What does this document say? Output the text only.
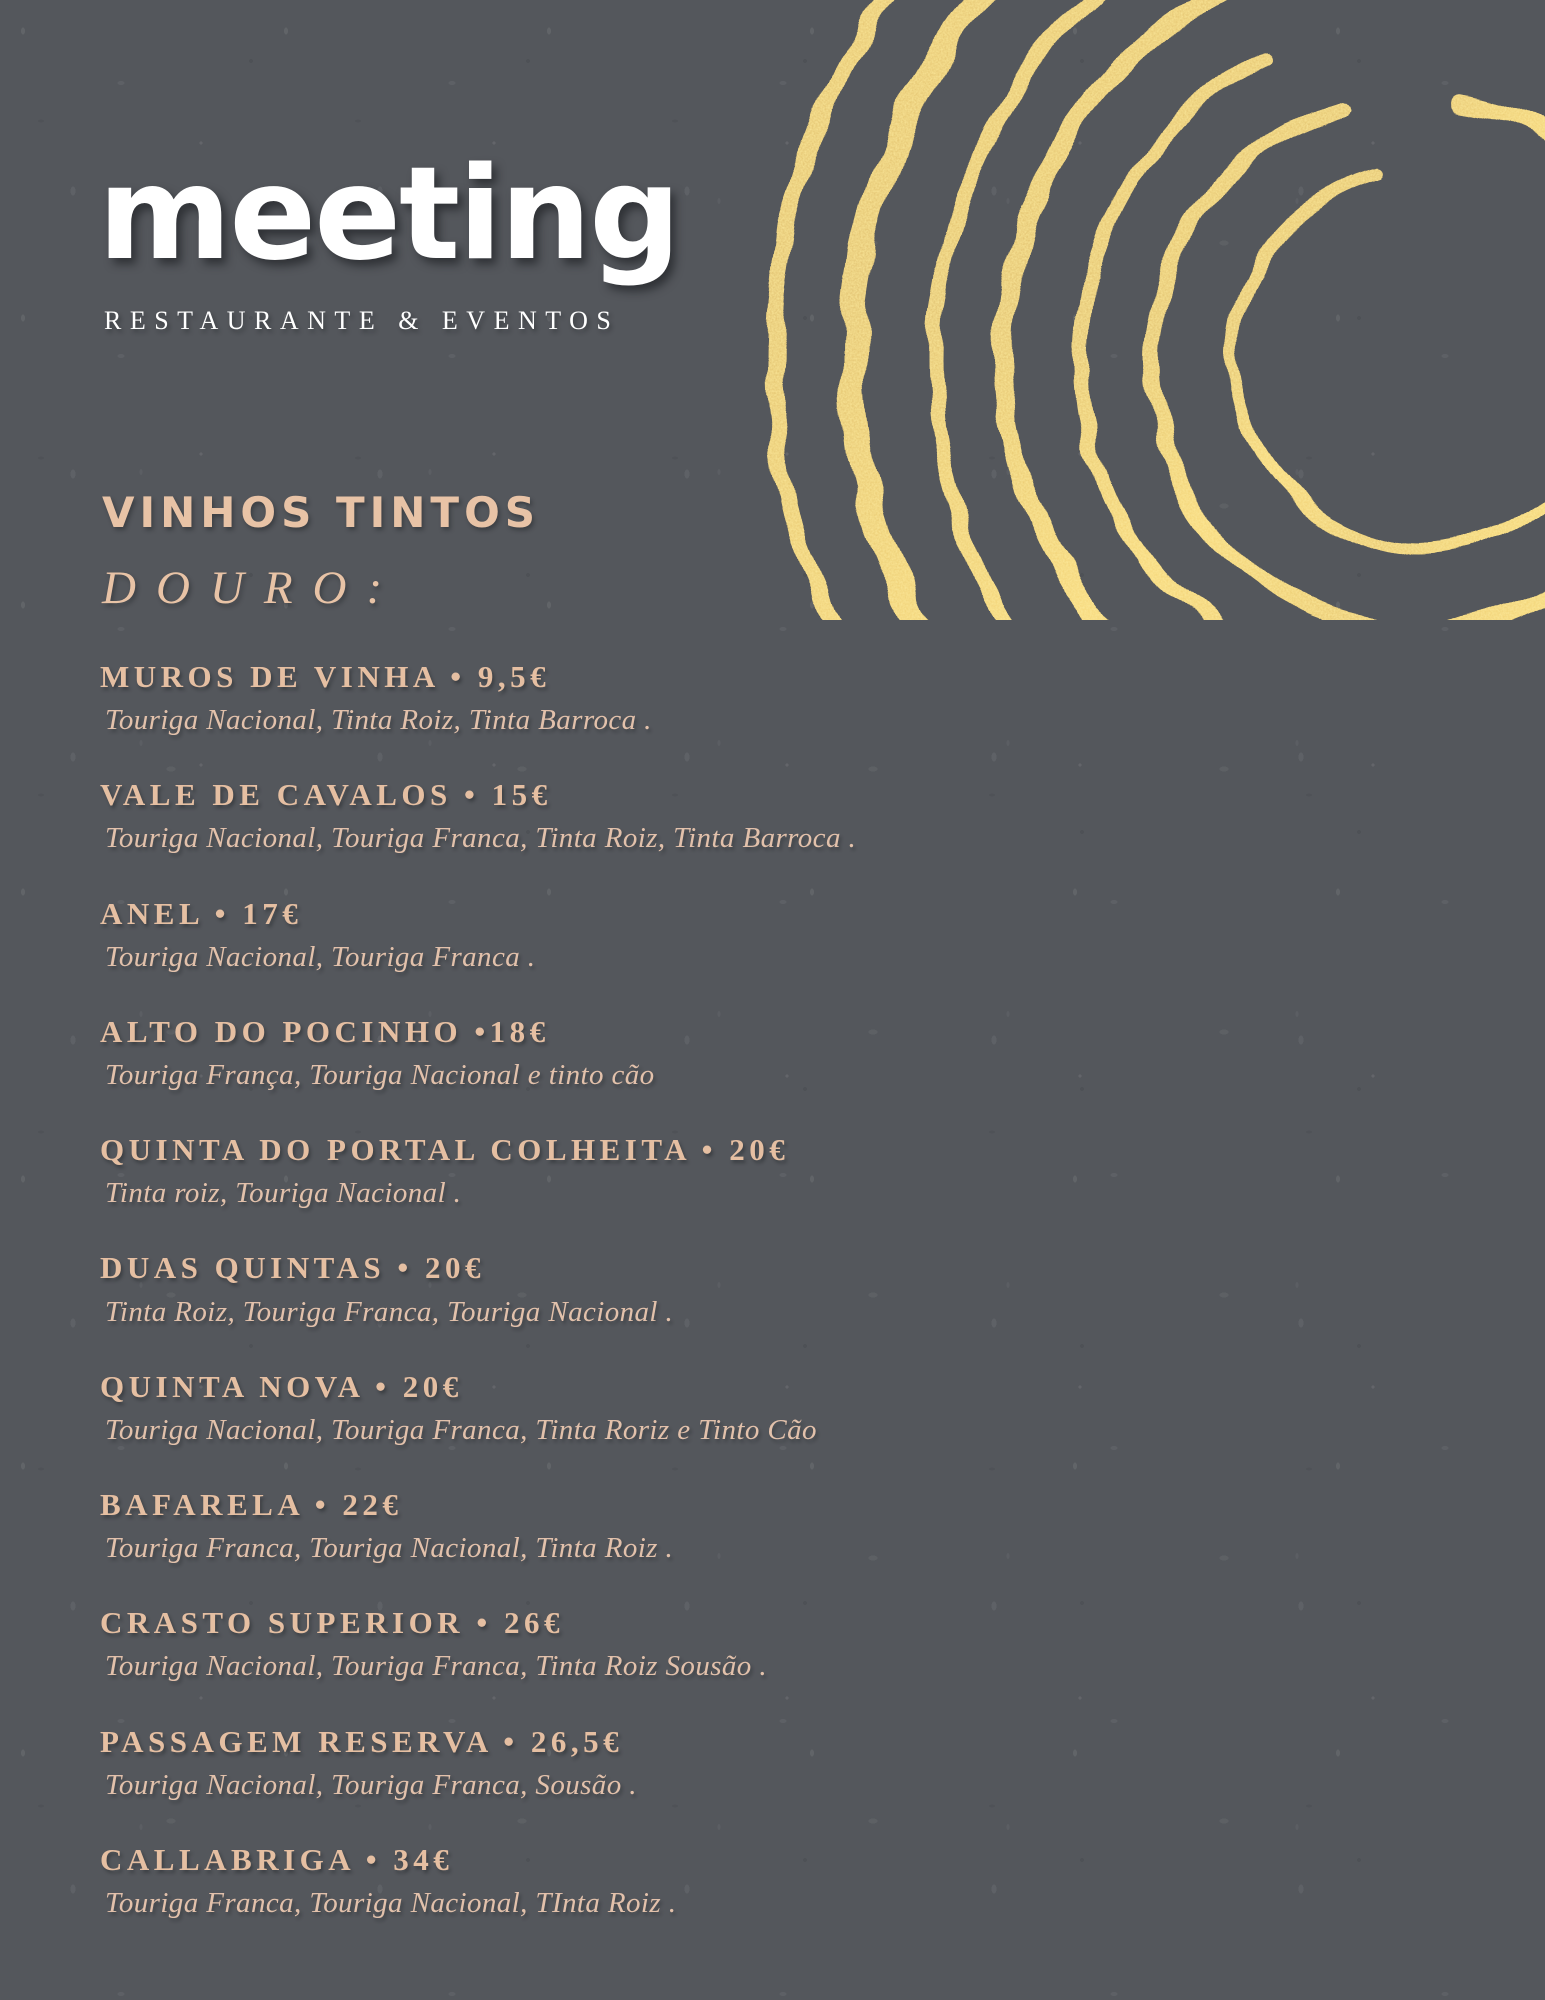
meeting
RESTAURANTE & EVENTOS
VINHOS TINTOS
DOURO:
MUROS DE VINHA • 9,5€
Touriga Nacional, Tinta Roiz, Tinta Barroca .
VALE DE CAVALOS • 15€
Touriga Nacional, Touriga Franca, Tinta Roiz, Tinta Barroca .
ANEL • 17€
Touriga Nacional, Touriga Franca .
ALTO DO POCINHO •18€
Touriga França, Touriga Nacional e tinto cão
QUINTA DO PORTAL COLHEITA • 20€
Tinta roiz, Touriga Nacional .
DUAS QUINTAS • 20€
Tinta Roiz, Touriga Franca, Touriga Nacional .
QUINTA NOVA • 20€
Touriga Nacional, Touriga Franca, Tinta Roriz e Tinto Cão
BAFARELA • 22€
Touriga Franca, Touriga Nacional, Tinta Roiz .
CRASTO SUPERIOR • 26€
Touriga Nacional, Touriga Franca, Tinta Roiz Sousão .
PASSAGEM RESERVA • 26,5€
Touriga Nacional, Touriga Franca, Sousão .
CALLABRIGA • 34€
Touriga Franca, Touriga Nacional, TInta Roiz .
